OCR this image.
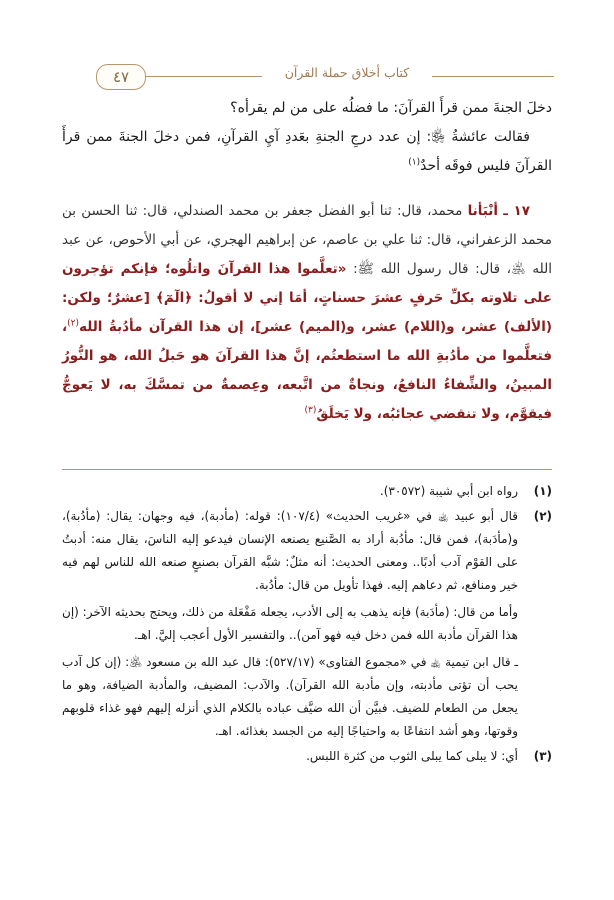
٤٧	كتاب أخلاق حملة القرآن

دخلَ الجنةَ ممن قرأَ القرآنَ: ما فضلُه على من لم يقرأه؟

فقالت عائشةُ ﵂: إن عدد درجِ الجنةِ بعَددِ آيِ القرآنِ، فمن دخلَ الجنةَ ممن قرأَ القرآنَ فليس فوقَه أحدٌ$^{(١)}$

١٧ ـ أنْبَأنا محمد، قال: ثنا أبو الفضل جعفر بن محمد الصندلي، قال: ثنا الحسن بن محمد الزعفراني، قال: ثنا علي بن عاصم، عن إبراهيم الهجري، عن أبي الأحوص، عن عبد الله ﵁، قال: قال رسول الله ﷺ: «تعلَّموا هذا القرآنَ واتلُوه؛ فإنكم تؤجرون على تلاوته بكلِّ حَرفٍ عشرَ حسناتٍ، أمَا إني لا أقولُ: ﴿الٓمٓ﴾ [عشرٌ؛ ولكن: (الألف) عشر، و(اللام) عشر، و(الميم) عشر]، إن هذا القرآن مأدُبةُ الله$^{(٢)}$، فتعلَّموا من مأدُبةِ الله ما استطعتُم، إنَّ هذا القرآنَ هو حَبلُ الله، هو النُّورُ المبينُ، والشِّفاءُ النافعُ، ونجاةٌ من اتَّبعه، وعِصمةٌ من تمسَّكَ به، لا يَعوجُّ فيقوَّم، ولا تنقضي عجائبُه، ولا يَخلَقُ$^{(٣)}$

(١)

رواه ابن أبي شيبة (٣٠٥٧٢).

(٢)

قال أبو عبيد ﵀ في «غريب الحديث» (١٠٧/٤): قوله: (مأدبة)، فيه وجهان: يقال: (مأدُبة)، و(مأدَبة)، فمن قال: مأدُبة أراد به الصَّنيع يصنعه الإنسان فيدعو إليه الناسَ، يقال منه: أدبتُ على القوْم آدب أدبًا.. ومعنى الحديث: أنه مثلٌ: شبَّه القرآن بصنيعٍ صنعه الله للناس لهم فيه خير ومنافع، ثم دعاهم إليه. فهذا تأويل من قال: مأدُبة.

وأما من قال: (مأدَبة) فإنه يذهب به إلى الأدب، يجعله مَفْعَلة من ذلك، ويحتج بحديثه الآخر: (إن هذا القرآن مأدبة الله فمن دخل فيه فهو آمن).. والتفسير الأول أعجب إليَّ. اهـ.

ـ قال ابن تيمية ﵀ في «مجموع الفتاوى» (٥٢٧/١٧): قال عبد الله بن مسعود ﵁: (إن كل آدب يحب أن تؤتى مأدبته، وإن مأدبة الله القرآن). والآدب: المضيف، والمأدبة الضيافة، وهو ما يجعل من الطعام للضيف. فبيَّن أن الله ضيَّف عباده بالكلام الذي أنزله إليهم فهو غذاء قلوبهم وقوتها، وهو أشد انتفاعًا به واحتياجًا إليه من الجسد بغذائه. اهـ.

(٣)

أي: لا يبلى كما يبلى الثوب من كثرة اللبس.
